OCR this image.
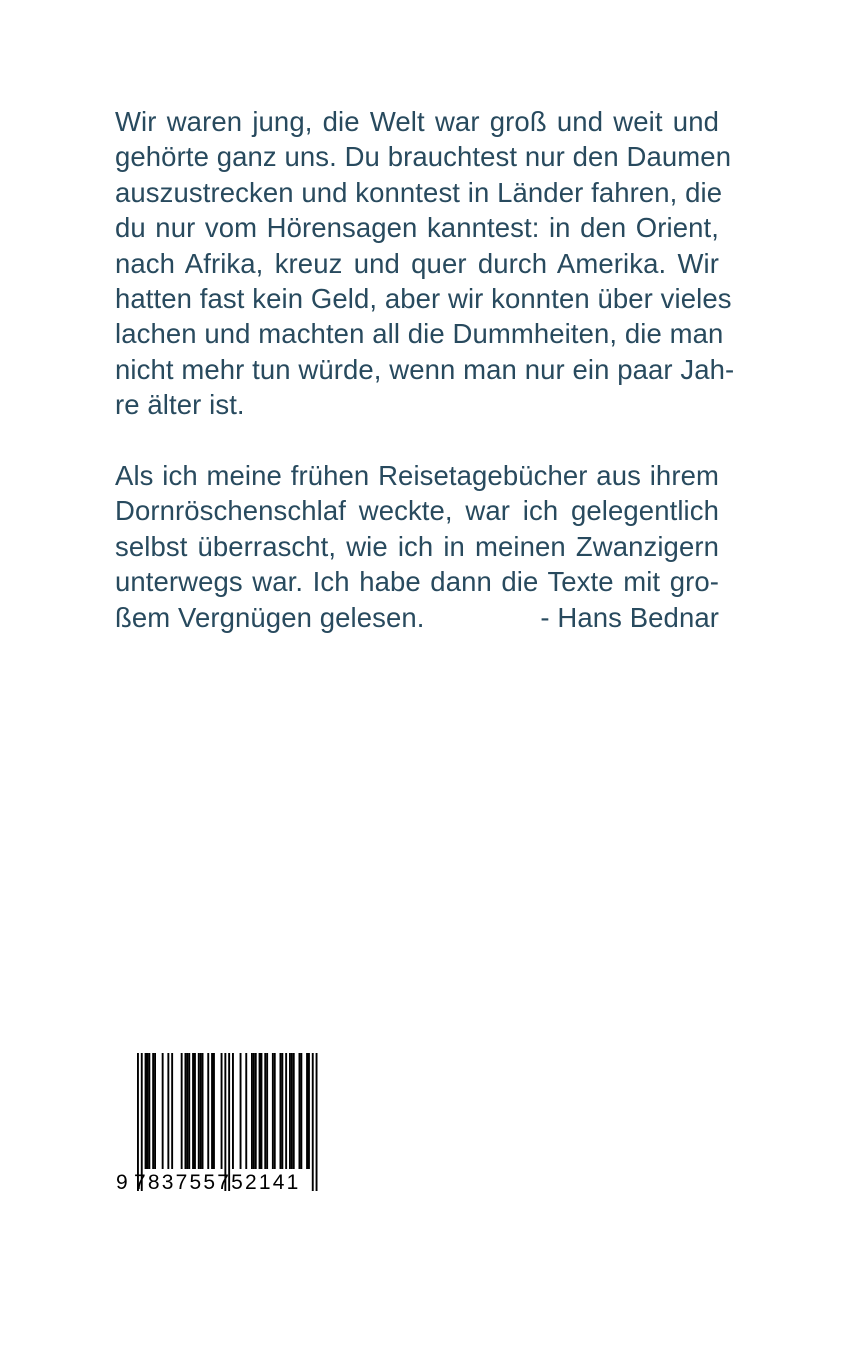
Wir waren jung, die Welt war groß und weit und
gehörte ganz uns. Du brauchtest nur den Daumen
auszustrecken und konntest in Länder fahren, die
du nur vom Hörensagen kanntest: in den Orient,
nach Afrika, kreuz und quer durch Amerika. Wir
hatten fast kein Geld, aber wir konnten über vieles
lachen und machten all die Dummheiten, die man
nicht mehr tun würde, wenn man nur ein paar Jah-
re älter ist.
Als ich meine frühen Reisetagebücher aus ihrem
Dornröschenschlaf weckte, war ich gelegentlich
selbst überrascht, wie ich in meinen Zwanzigern
unterwegs war. Ich habe dann die Texte mit gro-
ßem Vergnügen gelesen.	- Hans Bednar
9 783755752141
